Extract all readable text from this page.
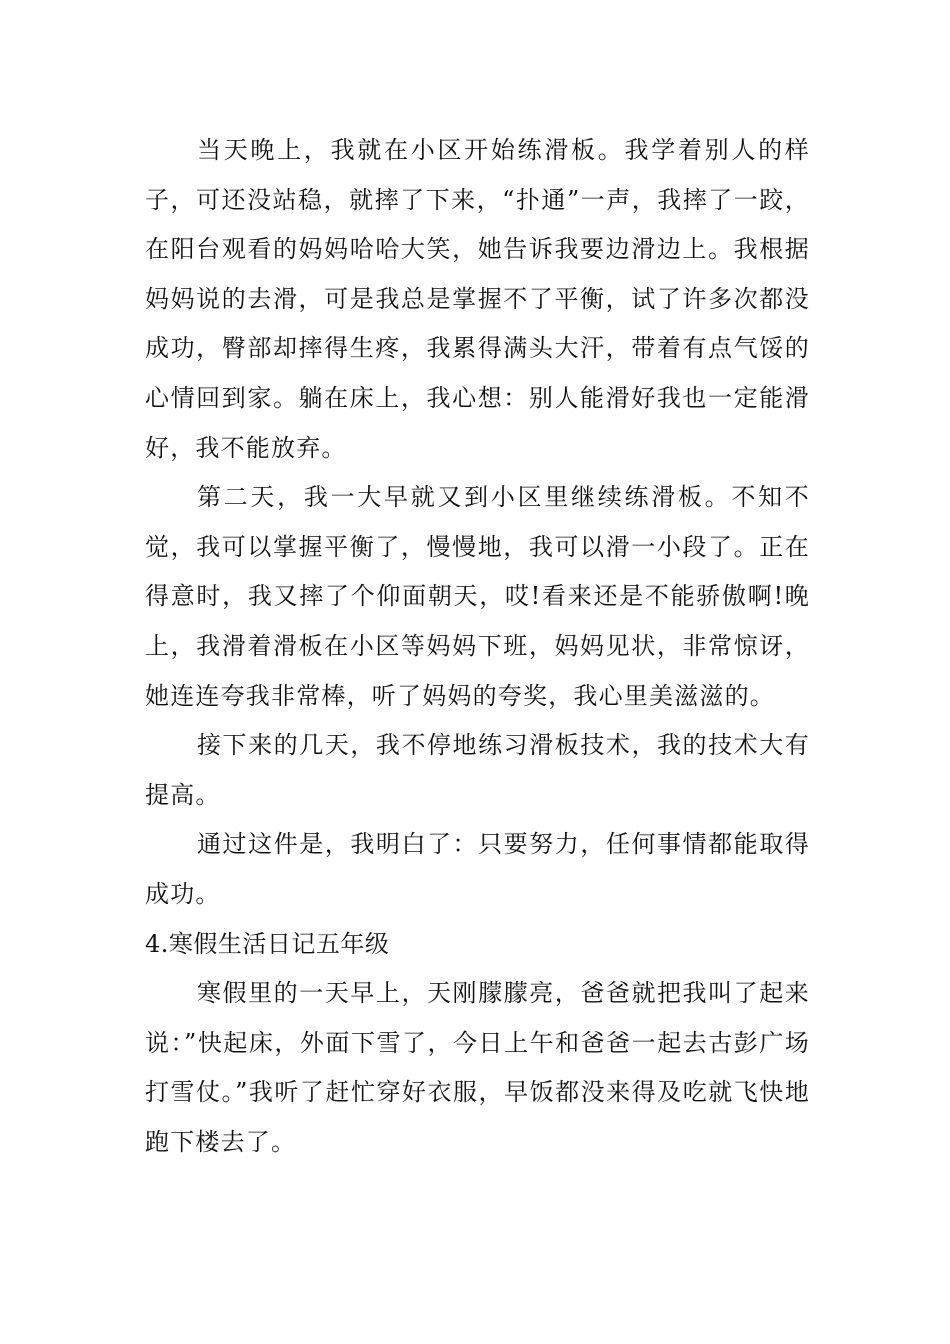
当天晚上，我就在小区开始练滑板。我学着别人的样子，可还没站稳，就摔了下来，“扑通”一声，我摔了一跤，在阳台观看的妈妈哈哈大笑，她告诉我要边滑边上。我根据妈妈说的去滑，可是我总是掌握不了平衡，试了许多次都没成功，臀部却摔得生疼，我累得满头大汗，带着有点气馁的心情回到家。躺在床上，我心想：别人能滑好我也一定能滑好，我不能放弃。

第二天，我一大早就又到小区里继续练滑板。不知不觉，我可以掌握平衡了，慢慢地，我可以滑一小段了。正在得意时，我又摔了个仰面朝天，哎!看来还是不能骄傲啊!晚上，我滑着滑板在小区等妈妈下班，妈妈见状，非常惊讶，她连连夸我非常棒，听了妈妈的夸奖，我心里美滋滋的。

接下来的几天，我不停地练习滑板技术，我的技术大有提高。

通过这件是，我明白了：只要努力，任何事情都能取得成功。

4.寒假生活日记五年级

寒假里的一天早上，天刚朦朦亮，爸爸就把我叫了起来说：”快起床，外面下雪了，今日上午和爸爸一起去古彭广场打雪仗。”我听了赶忙穿好衣服，早饭都没来得及吃就飞快地跑下楼去了。
